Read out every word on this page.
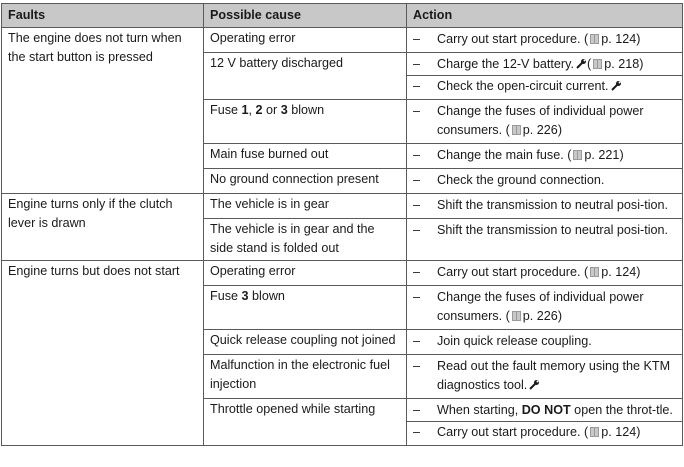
Faults	Possible cause	Action
The engine does not turn when the start button is pressed	Operating error	– Carry out start procedure. ( p. 124)

	12 V battery discharged	– Charge the 12-V battery. ( p. 218)
– Check the open-circuit current.

	Fuse 1, 2 or 3 blown	– Change the fuses of individual power consumers. ( p. 226)

	Main fuse burned out	– Change the main fuse. ( p. 221)

	No ground connection present	– Check the ground connection.

Engine turns only if the clutch lever is drawn	The vehicle is in gear	– Shift the transmission to neutral posi-tion.

	The vehicle is in gear and the side stand is folded out	– Shift the transmission to neutral posi-tion.

Engine turns but does not start	Operating error	– Carry out start procedure. ( p. 124)

	Fuse 3 blown	– Change the fuses of individual power consumers. ( p. 226)

	Quick release coupling not joined	– Join quick release coupling.

	Malfunction in the electronic fuel injection	– Read out the fault memory using the KTM diagnostics tool.

	Throttle opened while starting	– When starting, DO NOT open the throt-tle.
– Carry out start procedure. ( p. 124)
